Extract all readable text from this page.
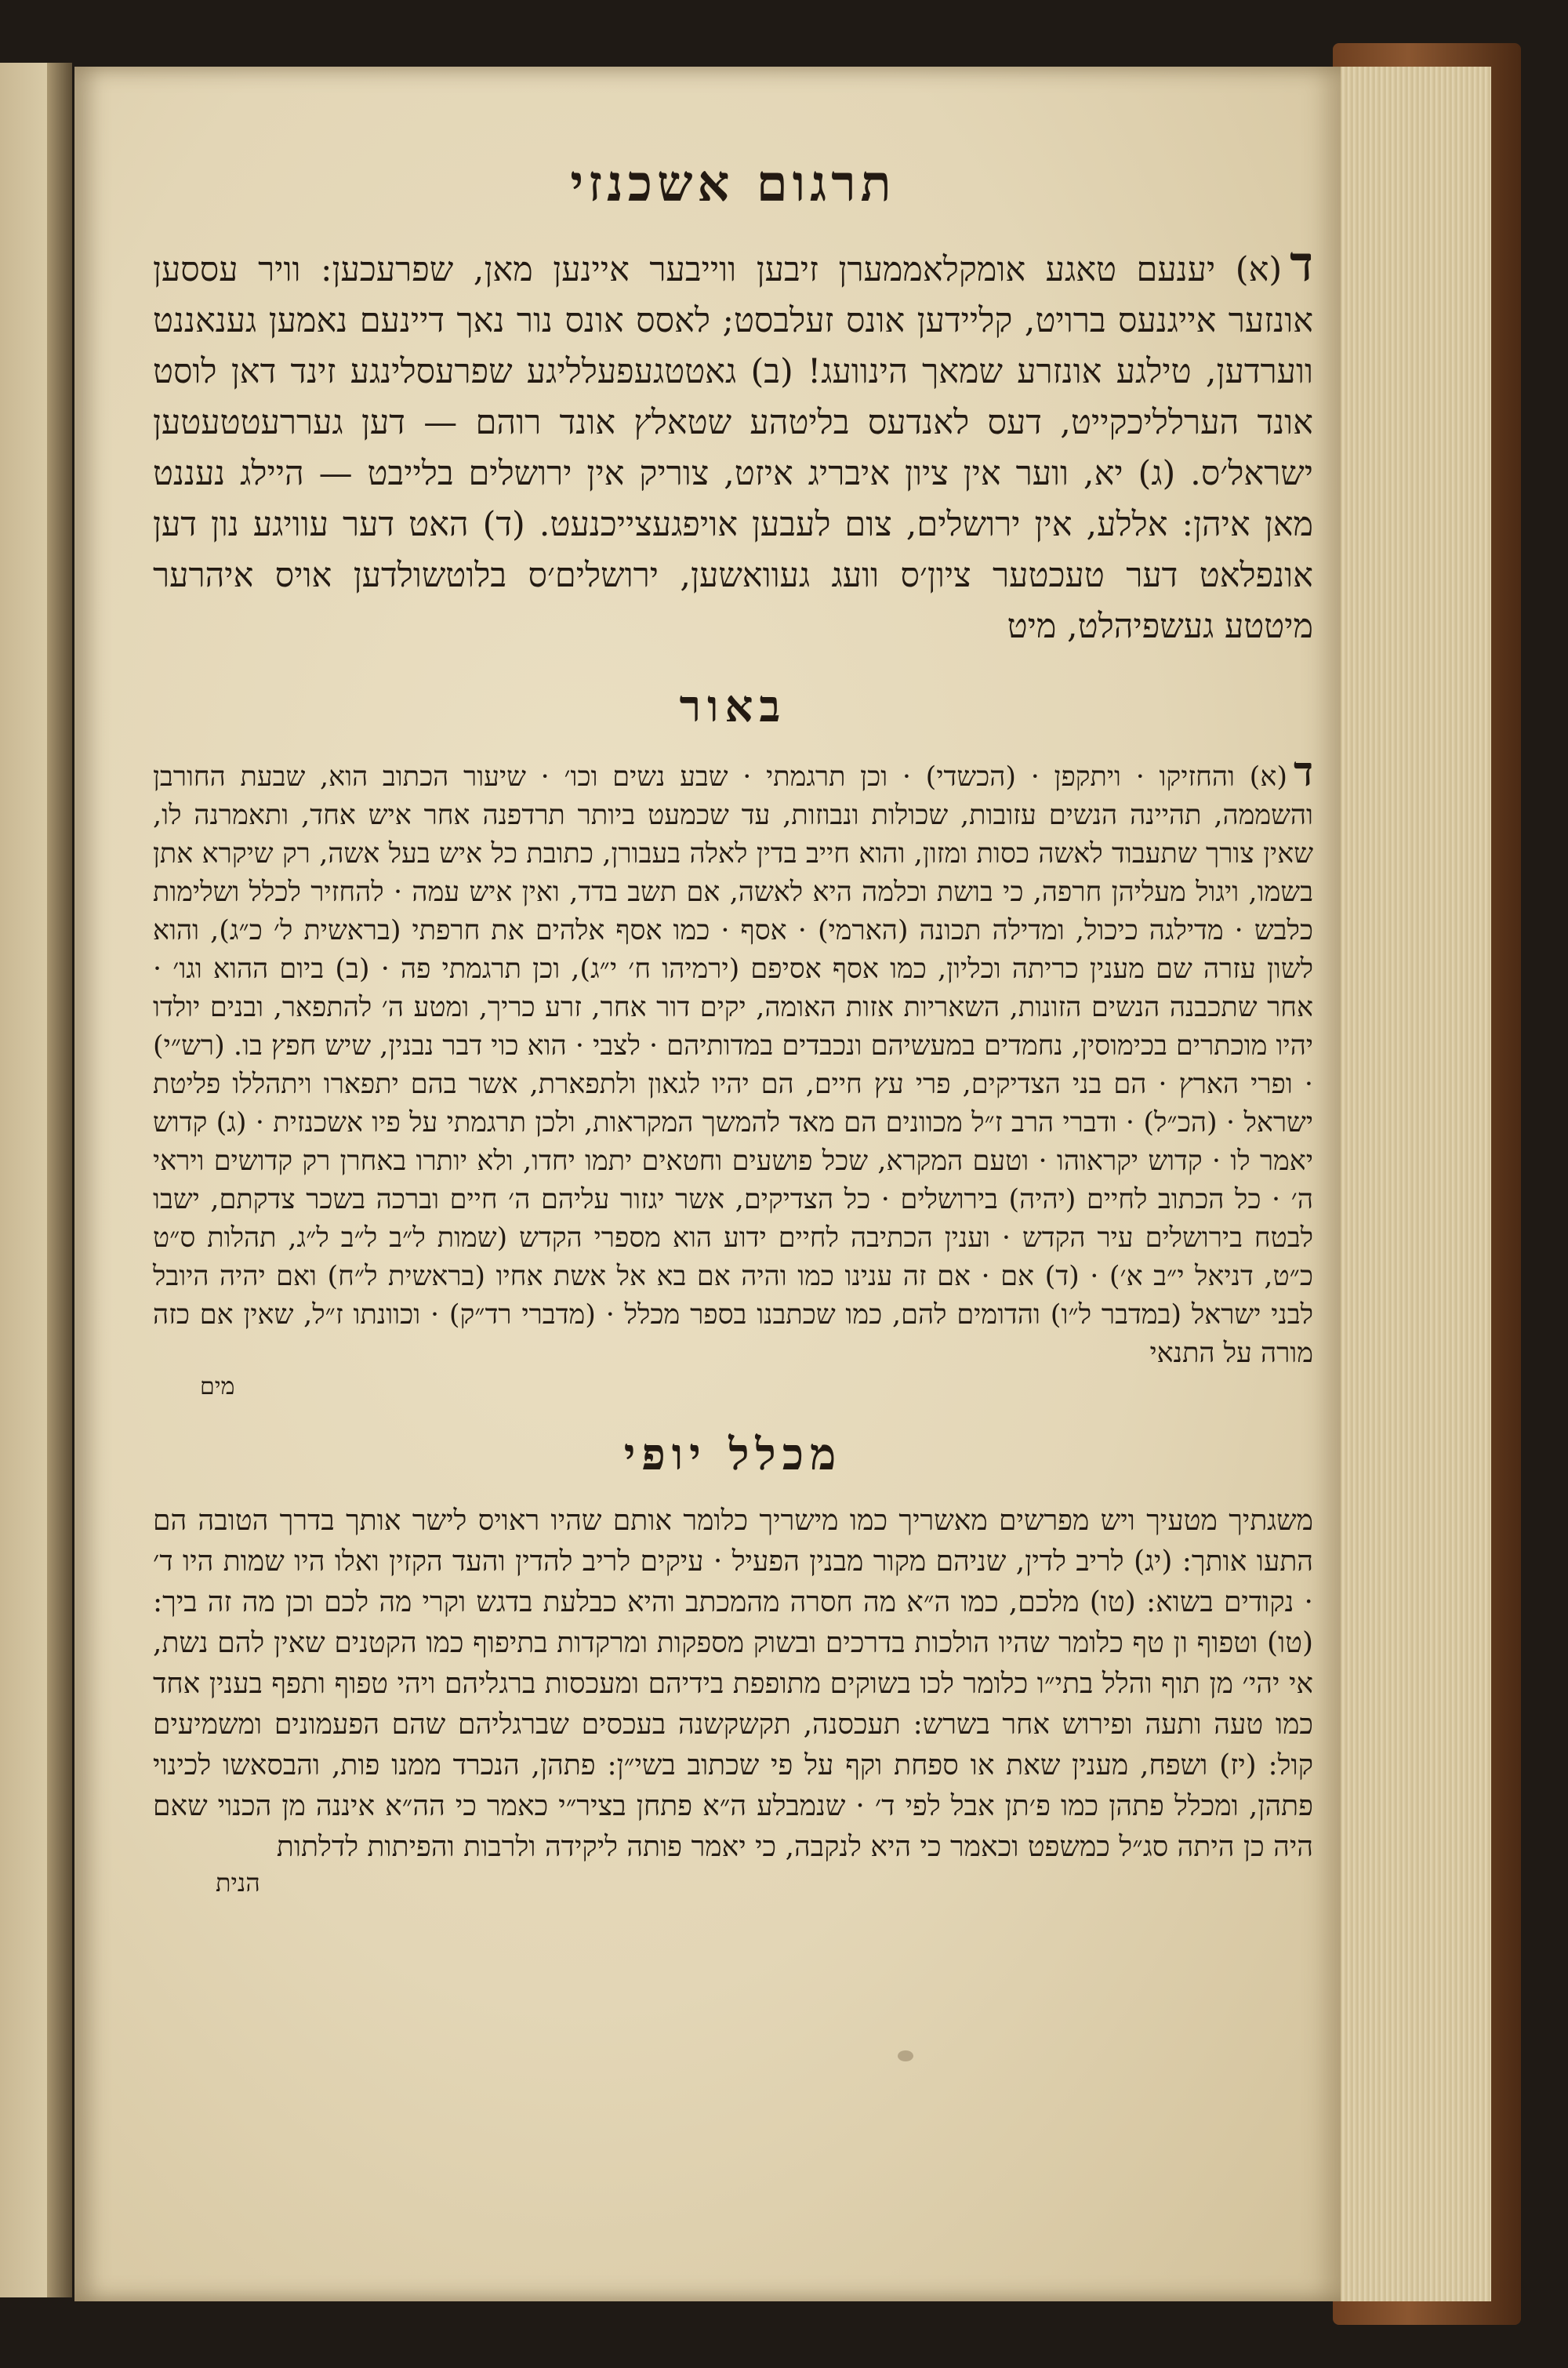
תרגום אשכנזי

ד(א) יענעם טאגע אומקלאממערן זיבען ווייבער איינען מאן, שפרעכען: וויר עססען אונזער אייגנעס ברויט, קליידען אונס זעלבסט; לאסס אונס נור נאך דיינעם נאמען גענאננט ווערדען, טילגע אונזרע שמאך הינוועג! (ב) גאטטגעפעלליגע שפרעסלינגע זינד דאן לוסט אונד הערלליכקייט, דעס לאנדעס בליטהע שטאלץ אונד רוהם — דען געררעטטעטען ישראל׳ס. (ג) יא, ווער אין ציון איבריג איזט, צוריק אין ירושלים בלייבט — היילג נעננט מאן איהן: אללע, אין ירושלים, צום לעבען אויפגעצייכנעט. (ד) האט דער עוויגע נון דען אונפלאט דער טעכטער ציון׳ס וועג געוואשען, ירושלים׳ס בלוטשולדען אויס איהרער מיטטע געשפיהלט, מיט

באור

ד(א) והחזיקו · ויתקפן · (הכשדי) · וכן תרגמתי · שבע נשים וכו׳ · שיעור הכתוב הוא, שבעת החורבן והשממה, תהיינה הנשים עזובות, שכולות ונבוזות, עד שכמעט ביותר תרדפנה אחר איש אחד, ותאמרנה לו, שאין צורך שתעבוד לאשה כסות ומזון, והוא חייב בדין לאלה בעבורן, כתובת כל איש בעל אשה, רק שיקרא אתן בשמו, ויגול מעליהן חרפה, כי בושת וכלמה היא לאשה, אם תשב בדד, ואין איש עמה · להחזיר לכלל ושלימות כלבש · מדילגה כיכול, ומדילה תכונה (הארמי) · אסף · כמו אסף אלהים את חרפתי (בראשית ל׳ כ״ג), והוא לשון עזרה שם מענין כריתה וכליון, כמו אסף אסיפם (ירמיהו ח׳ י״ג), וכן תרגמתי פה · (ב) ביום ההוא וגו׳ · אחר שתכבנה הנשים הזונות, השאריות אזות האומה, יקים דור אחר, זרע כריך, ומטע ה׳ להתפאר, ובנים יולדו יהיו מוכתרים בכימוסין, נחמדים במעשיהם ונכבדים במדותיהם · לצבי · הוא כוי דבר נבנין, שיש חפץ בו. (רש״י) · ופרי הארץ · הם בני הצדיקים, פרי עץ חיים, הם יהיו לגאון ולתפארת, אשר בהם יתפארו ויתהללו פליטת ישראל · (הכ״ל) · ודברי הרב ז״ל מכוונים הם מאד להמשך המקראות, ולכן תרגמתי על פיו אשכנזית · (ג) קדוש יאמר לו · קדוש יקראוהו · וטעם המקרא, שכל פושעים וחטאים יתמו יחדו, ולא יותרו באחרן רק קדושים ויראי ה׳ · כל הכתוב לחיים (יהיה) בירושלים · כל הצדיקים, אשר יגזור עליהם ה׳ חיים וברכה בשכר צדקתם, ישבו לבטח בירושלים עיר הקדש · וענין הכתיבה לחיים ידוע הוא מספרי הקדש (שמות ל״ב ל״ב ל״ג, תהלות ס״ט כ״ט, דניאל י״ב א׳) · (ד) אם · אם זה ענינו כמו והיה אם בא אל אשת אחיו (בראשית ל״ח) ואם יהיה היובל לבני ישראל (במדבר ל״ו) והדומים להם, כמו שכתבנו בספר מכלל · (מדברי רד״ק) · וכוונתו ז״ל, שאין אם כזה מורה על התנאי

מים
מכלל יופי

משגתיך מטעיך ויש מפרשים מאשריך כמו מישריך כלומר אותם שהיו ראויס לישר אותך בדרך הטובה הם התעו אותך: (יג) לריב לדין, שניהם מקור מבנין הפעיל · עיקים לריב להדין והעד הקזין ואלו היו שמות היו ד׳ · נקודים בשוא: (טו) מלכם, כמו ה״א מה חסרה מהמכתב והיא כבלעת בדגש וקרי מה לכם וכן מה זה ביך: (טו) וטפוף ון טף כלומר שהיו הולכות בדרכים ובשוק מספקות ומרקדות בתיפוף כמו הקטנים שאין להם נשת, אי יהי׳ מן תוף והלל בתי״ו כלומר לכו בשוקים מתופפת בידיהם ומעכסות ברגליהם ויהי טפוף ותפף בענין אחד כמו טעה ותעה ופירוש אחר בשרש: תעכסנה, תקשקשנה בעכסים שברגליהם שהם הפעמונים ומשמיעים קול: (יז) ושפח, מענין שאת או ספחת וקף על פי שכתוב בשי״ן: פתהן, הנכרד ממנו פות, והבסאשו לכינוי פתהן, ומכלל פתהן כמו פ׳תן אבל לפי ד׳ · שנמבלע ה״א פתחן בציר״י כאמר כי הה״א איננה מן הכנוי שאם היה כן היתה סג״ל כמשפט וכאמר כי היא לנקבה, כי יאמר פותה ליקידה ולרבות והפיתות לדלתות

הנית
